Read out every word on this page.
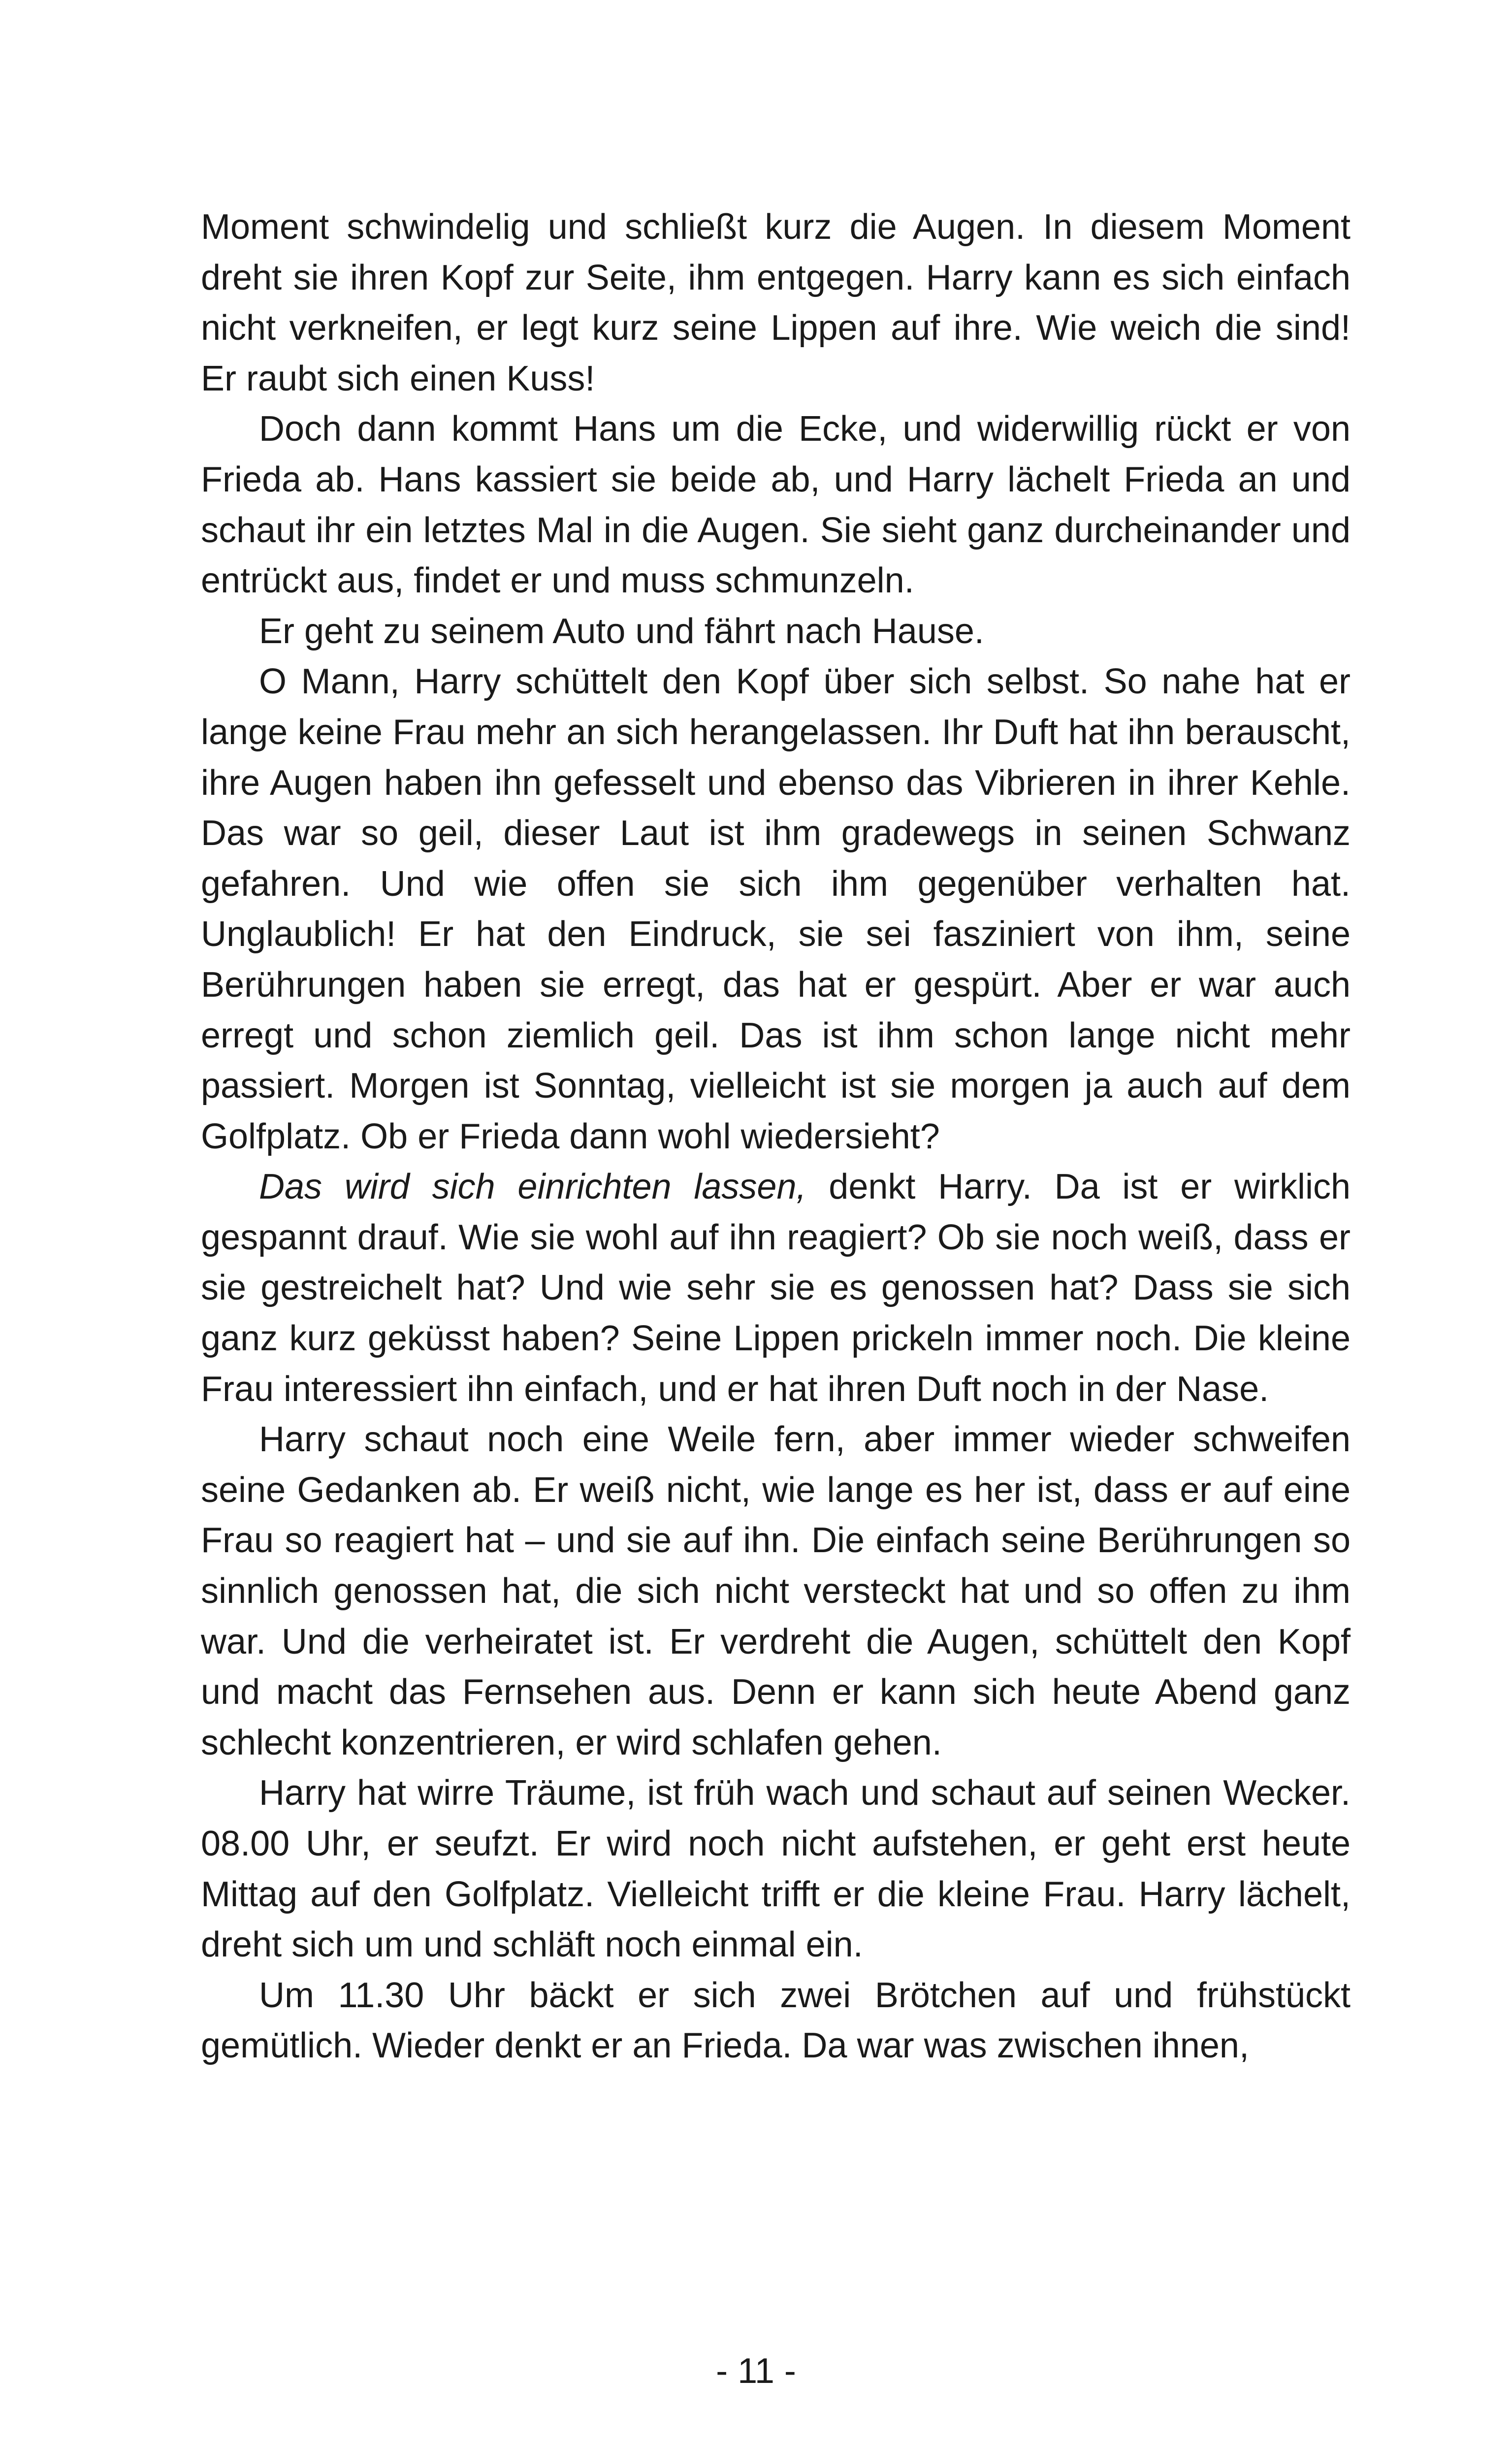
Moment schwindelig und schließt kurz die Augen. In diesem Moment dreht sie ihren Kopf zur Seite, ihm entgegen. Harry kann es sich einfach nicht verkneifen, er legt kurz seine Lippen auf ihre. Wie weich die sind! Er raubt sich einen Kuss!

Doch dann kommt Hans um die Ecke, und widerwillig rückt er von Frieda ab. Hans kassiert sie beide ab, und Harry lächelt Frieda an und schaut ihr ein letztes Mal in die Augen. Sie sieht ganz durcheinander und entrückt aus, findet er und muss schmunzeln.

Er geht zu seinem Auto und fährt nach Hause.

O Mann, Harry schüttelt den Kopf über sich selbst. So nahe hat er lange keine Frau mehr an sich herangelassen. Ihr Duft hat ihn berauscht, ihre Augen haben ihn gefesselt und ebenso das Vibrieren in ihrer Kehle. Das war so geil, dieser Laut ist ihm gradewegs in seinen Schwanz gefahren. Und wie offen sie sich ihm gegenüber verhalten hat. Unglaublich! Er hat den Eindruck, sie sei fasziniert von ihm, seine Berührungen haben sie erregt, das hat er gespürt. Aber er war auch erregt und schon ziemlich geil. Das ist ihm schon lange nicht mehr passiert. Morgen ist Sonntag, vielleicht ist sie morgen ja auch auf dem Golfplatz. Ob er Frieda dann wohl wiedersieht?

Das wird sich einrichten lassen, denkt Harry. Da ist er wirklich gespannt drauf. Wie sie wohl auf ihn reagiert? Ob sie noch weiß, dass er sie gestreichelt hat? Und wie sehr sie es genossen hat? Dass sie sich ganz kurz geküsst haben? Seine Lippen prickeln immer noch. Die kleine Frau interessiert ihn einfach, und er hat ihren Duft noch in der Nase.

Harry schaut noch eine Weile fern, aber immer wieder schweifen seine Gedanken ab. Er weiß nicht, wie lange es her ist, dass er auf eine Frau so reagiert hat – und sie auf ihn. Die einfach seine Berührungen so sinnlich genossen hat, die sich nicht versteckt hat und so offen zu ihm war. Und die verheiratet ist. Er verdreht die Augen, schüttelt den Kopf und macht das Fernsehen aus. Denn er kann sich heute Abend ganz schlecht konzentrieren, er wird schlafen gehen.

Harry hat wirre Träume, ist früh wach und schaut auf seinen Wecker. 08.00 Uhr, er seufzt. Er wird noch nicht aufstehen, er geht erst heute Mittag auf den Golfplatz. Vielleicht trifft er die kleine Frau. Harry lächelt, dreht sich um und schläft noch einmal ein.

Um 11.30 Uhr bäckt er sich zwei Brötchen auf und frühstückt gemütlich. Wieder denkt er an Frieda. Da war was zwischen ihnen,

- 11 -
